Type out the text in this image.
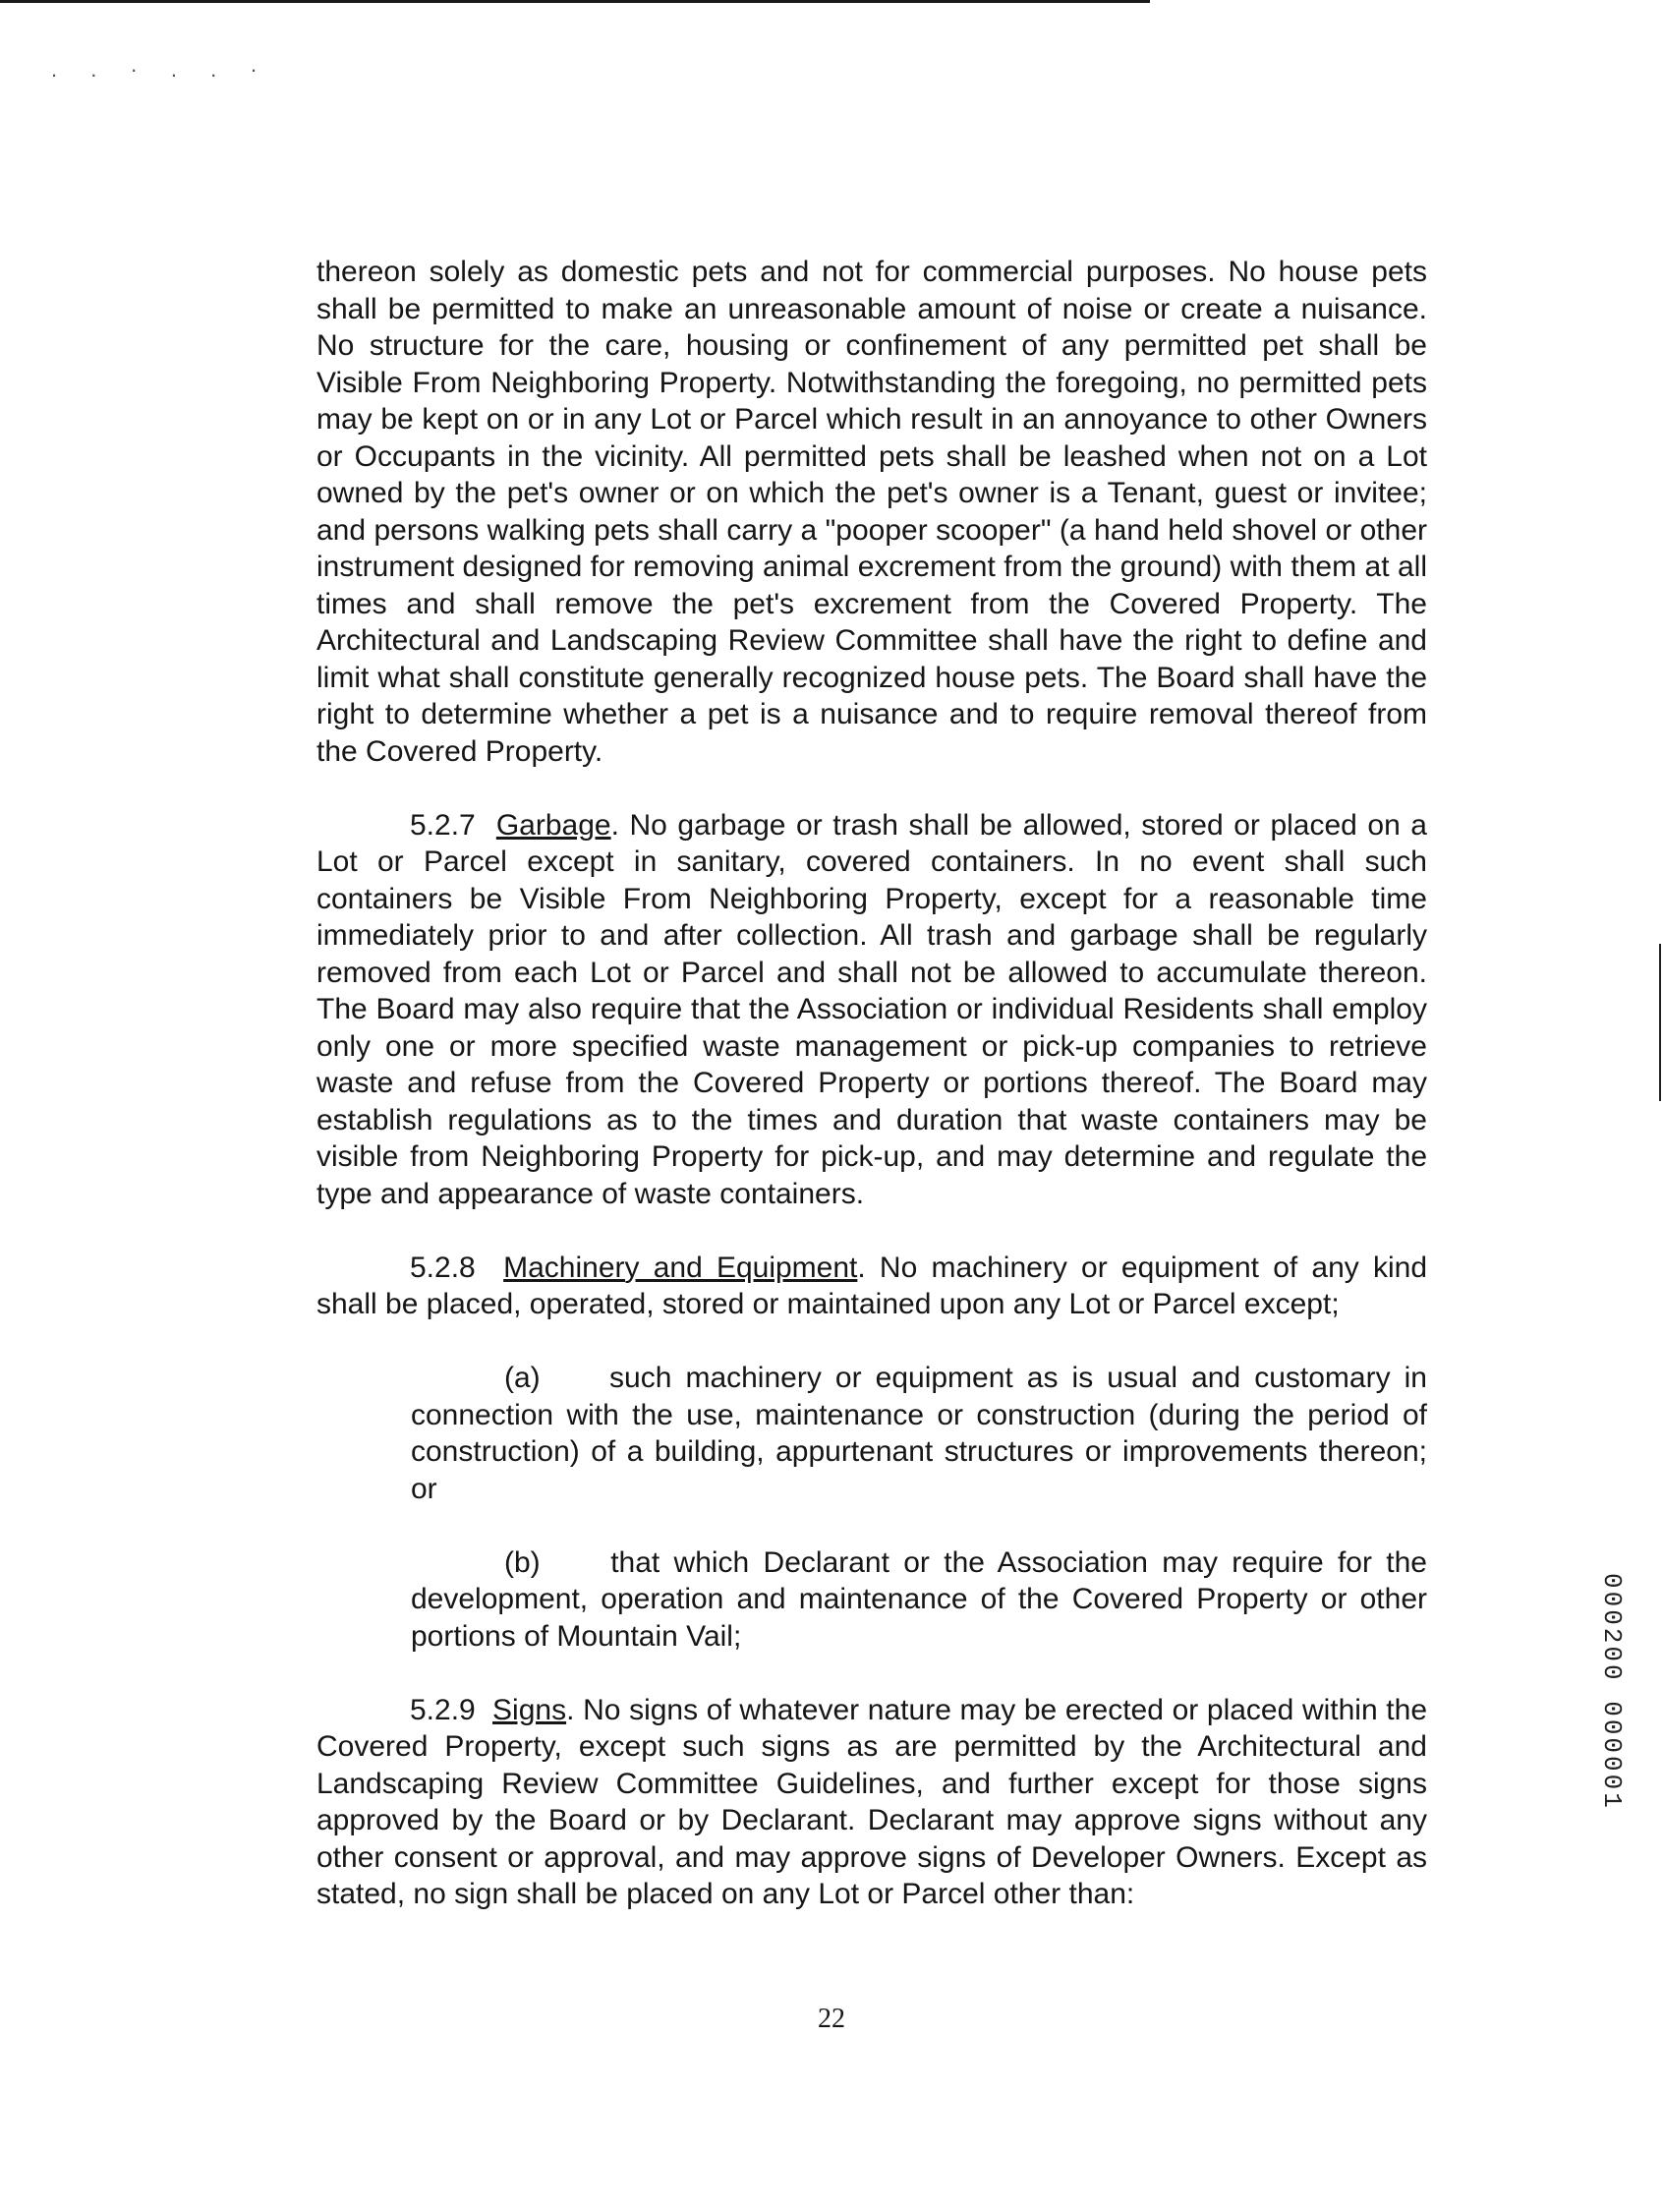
. . · . . ·

thereon solely as domestic pets and not for commercial purposes. No house pets shall be permitted to make an unreasonable amount of noise or create a nuisance. No structure for the care, housing or confinement of any permitted pet shall be Visible From Neighboring Property. Notwithstanding the foregoing, no permitted pets may be kept on or in any Lot or Parcel which result in an annoyance to other Owners or Occupants in the vicinity. All permitted pets shall be leashed when not on a Lot owned by the pet's owner or on which the pet's owner is a Tenant, guest or invitee; and persons walking pets shall carry a "pooper scooper" (a hand held shovel or other instrument designed for removing animal excrement from the ground) with them at all times and shall remove the pet's excrement from the Covered Property. The Architectural and Landscaping Review Committee shall have the right to define and limit what shall constitute generally recognized house pets. The Board shall have the right to determine whether a pet is a nuisance and to require removal thereof from the Covered Property.

5.2.7 Garbage. No garbage or trash shall be allowed, stored or placed on a Lot or Parcel except in sanitary, covered containers. In no event shall such containers be Visible From Neighboring Property, except for a reasonable time immediately prior to and after collection. All trash and garbage shall be regularly removed from each Lot or Parcel and shall not be allowed to accumulate thereon. The Board may also require that the Association or individual Residents shall employ only one or more specified waste management or pick-up companies to retrieve waste and refuse from the Covered Property or portions thereof. The Board may establish regulations as to the times and duration that waste containers may be visible from Neighboring Property for pick-up, and may determine and regulate the type and appearance of waste containers.

5.2.8 Machinery and Equipment. No machinery or equipment of any kind shall be placed, operated, stored or maintained upon any Lot or Parcel except;

(a) such machinery or equipment as is usual and customary in connection with the use, maintenance or construction (during the period of construction) of a building, appurtenant structures or improvements thereon; or

(b) that which Declarant or the Association may require for the development, operation and maintenance of the Covered Property or other portions of Mountain Vail;

5.2.9 Signs. No signs of whatever nature may be erected or placed within the Covered Property, except such signs as are permitted by the Architectural and Landscaping Review Committee Guidelines, and further except for those signs approved by the Board or by Declarant. Declarant may approve signs without any other consent or approval, and may approve signs of Developer Owners. Except as stated, no sign shall be placed on any Lot or Parcel other than:

22
000200 000001
